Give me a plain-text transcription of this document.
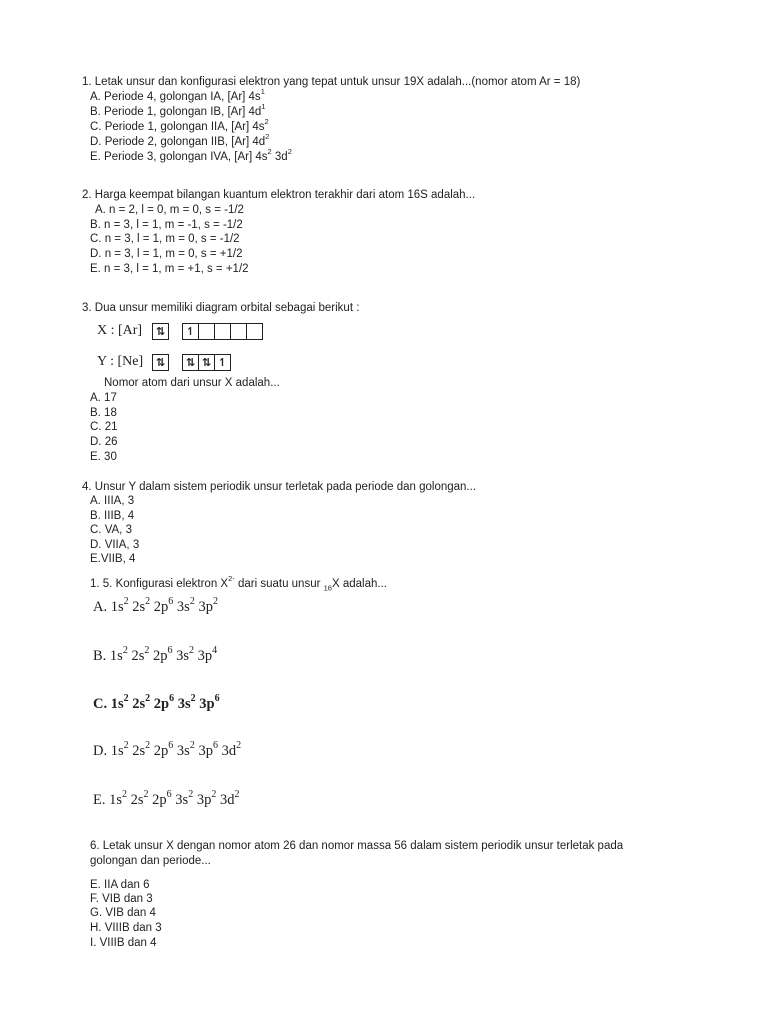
1. Letak unsur dan konfigurasi elektron yang tepat untuk unsur 19X adalah...(nomor atom Ar = 18)
A. Periode 4, golongan IA, [Ar] $4s^1$
B. Periode 1, golongan IB, [Ar] $4d^1$
C. Periode 1, golongan IIA, [Ar] $4s^2$
D. Periode 2, golongan IIB, [Ar] $4d^2$
E. Periode 3, golongan IVA, [Ar] $4s^2$ $3d^2$
2. Harga keempat bilangan kuantum elektron terakhir dari atom 16S adalah...
A. n = 2, l = 0, m = 0, s = -1/2
B. n = 3, l = 1, m = -1, s = -1/2
C. n = 3, l = 1, m = 0, s = -1/2
D. n = 3, l = 1, m = 0, s = +1/2
E. n = 3, l = 1, m = +1, s = +1/2
3. Dua unsur memiliki diagram orbital sebagai berikut :
X : [Ar] ⇅ ↿
Y : [Ne] ⇅ ⇅ ⇅ ↿
Nomor atom dari unsur X adalah...
A. 17
B. 18
C. 21
D. 26
E. 30
4. Unsur Y dalam sistem periodik unsur terletak pada periode dan golongan...
A. IIIA, 3
B. IIIB, 4
C. VA, 3
D. VIIA, 3
E.VIIB, 4
1. 5. Konfigurasi elektron $X^{2-}$ dari suatu unsur $_{16}$X adalah...
A. $1s^2$ $2s^2$ $2p^6$ $3s^2$ $3p^2$
B. $1s^2$ $2s^2$ $2p^6$ $3s^2$ $3p^4$
C. $1s^2$ $2s^2$ $2p^6$ $3s^2$ $3p^6$
D. $1s^2$ $2s^2$ $2p^6$ $3s^2$ $3p^6$ $3d^2$
E. $1s^2$ $2s^2$ $2p^6$ $3s^2$ $3p^2$ $3d^2$
6. Letak unsur X dengan nomor atom 26 dan nomor massa 56 dalam sistem periodik unsur terletak pada
golongan dan periode...
E. IIA dan 6
F. VIB dan 3
G. VIB dan 4
H. VIIIB dan 3
I. VIIIB dan 4
